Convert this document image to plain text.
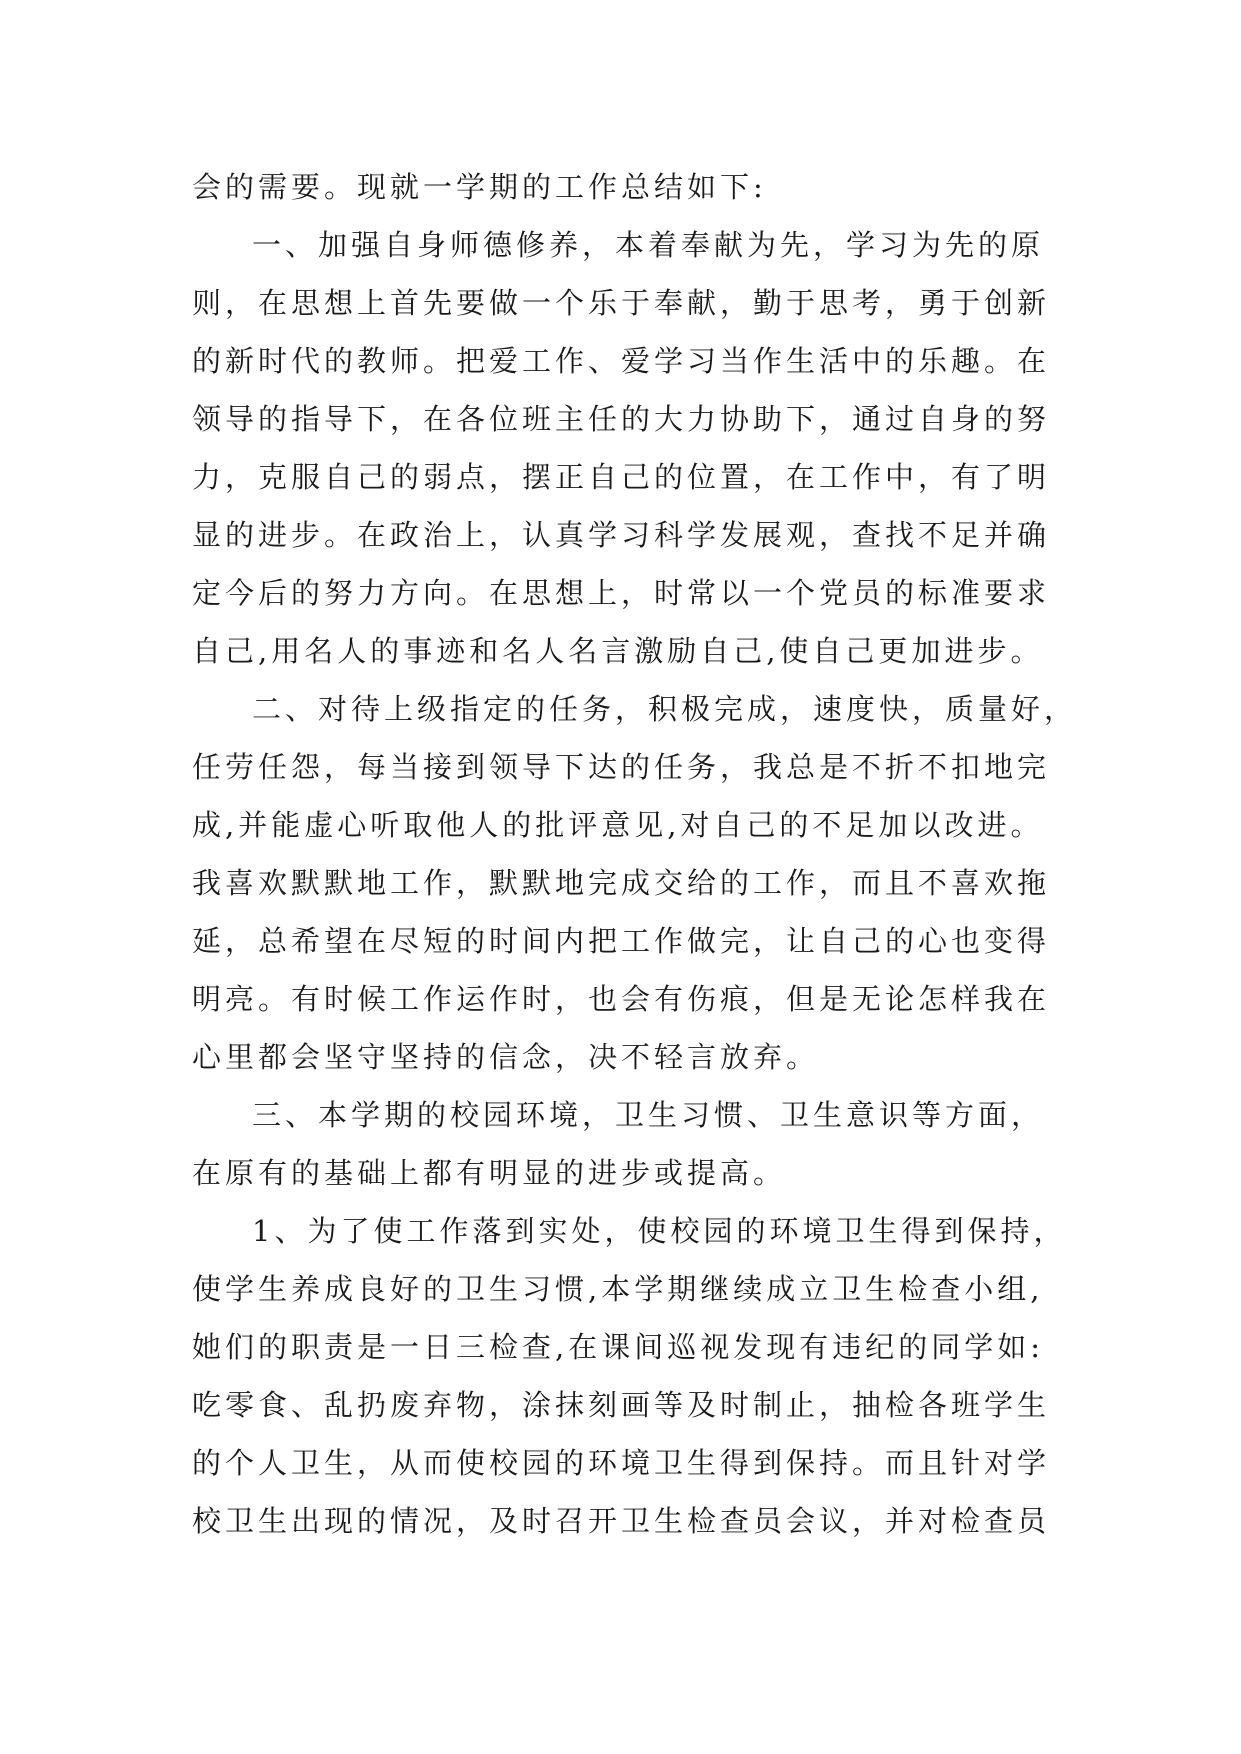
会的需要。现就一学期的工作总结如下:
一、加强自身师德修养，本着奉献为先，学习为先的原
则，在思想上首先要做一个乐于奉献，勤于思考，勇于创新
的新时代的教师。把爱工作、爱学习当作生活中的乐趣。在
领导的指导下，在各位班主任的大力协助下，通过自身的努
力，克服自己的弱点，摆正自己的位置，在工作中，有了明
显的进步。在政治上，认真学习科学发展观，查找不足并确
定今后的努力方向。在思想上，时常以一个党员的标准要求
自己,用名人的事迹和名人名言激励自己,使自己更加进步。
二、对待上级指定的任务，积极完成，速度快，质量好，
任劳任怨，每当接到领导下达的任务，我总是不折不扣地完
成,并能虚心听取他人的批评意见,对自己的不足加以改进。
我喜欢默默地工作，默默地完成交给的工作，而且不喜欢拖
延，总希望在尽短的时间内把工作做完，让自己的心也变得
明亮。有时候工作运作时，也会有伤痕，但是无论怎样我在
心里都会坚守坚持的信念，决不轻言放弃。
三、本学期的校园环境，卫生习惯、卫生意识等方面，
在原有的基础上都有明显的进步或提高。
1、为了使工作落到实处，使校园的环境卫生得到保持，
使学生养成良好的卫生习惯,本学期继续成立卫生检查小组,
她们的职责是一日三检查,在课间巡视发现有违纪的同学如:
吃零食、乱扔废弃物，涂抹刻画等及时制止，抽检各班学生
的个人卫生，从而使校园的环境卫生得到保持。而且针对学
校卫生出现的情况，及时召开卫生检查员会议，并对检查员
